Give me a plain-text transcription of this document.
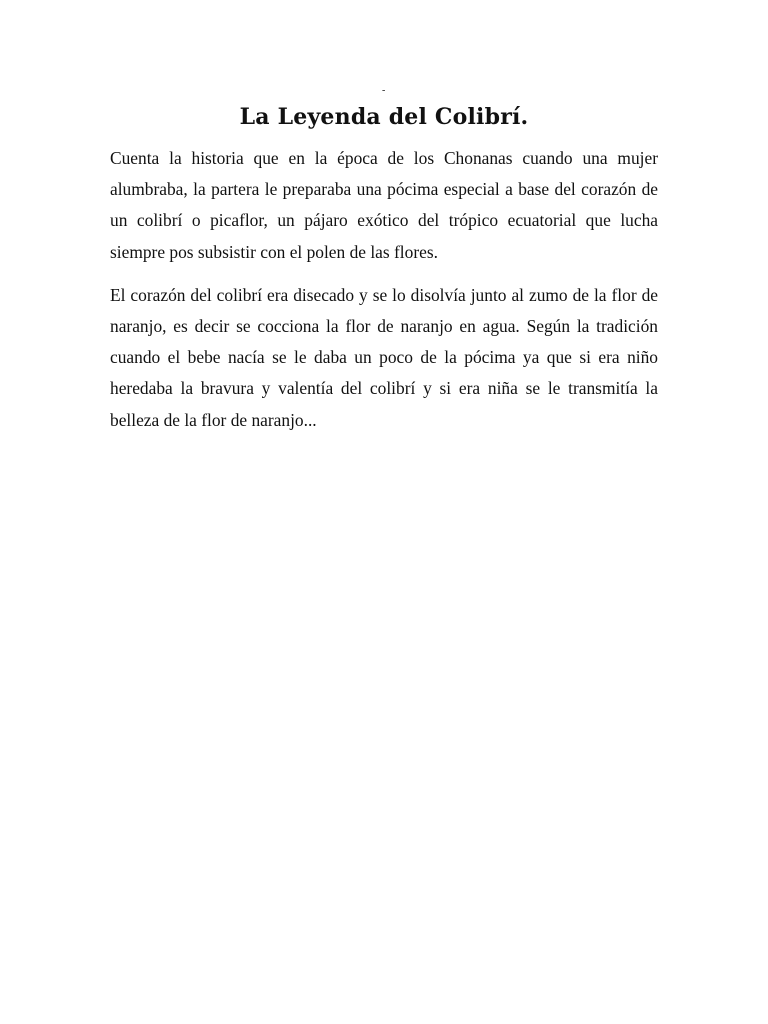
-
La Leyenda del Colibrí.

Cuenta la historia que en la época de los Chonanas cuando una mujer alumbraba, la partera le preparaba una pócima especial a base del corazón de un colibrí o picaflor, un pájaro exótico del trópico ecuatorial que lucha siempre pos subsistir con el polen de las flores.

El corazón del colibrí era disecado y se lo disolvía junto al zumo de la flor de naranjo, es decir se cocciona la flor de naranjo en agua. Según la tradición cuando el bebe nacía se le daba un poco de la pócima ya que si era niño heredaba la bravura y valentía del colibrí y si era niña se le transmitía la belleza de la flor de naranjo...
